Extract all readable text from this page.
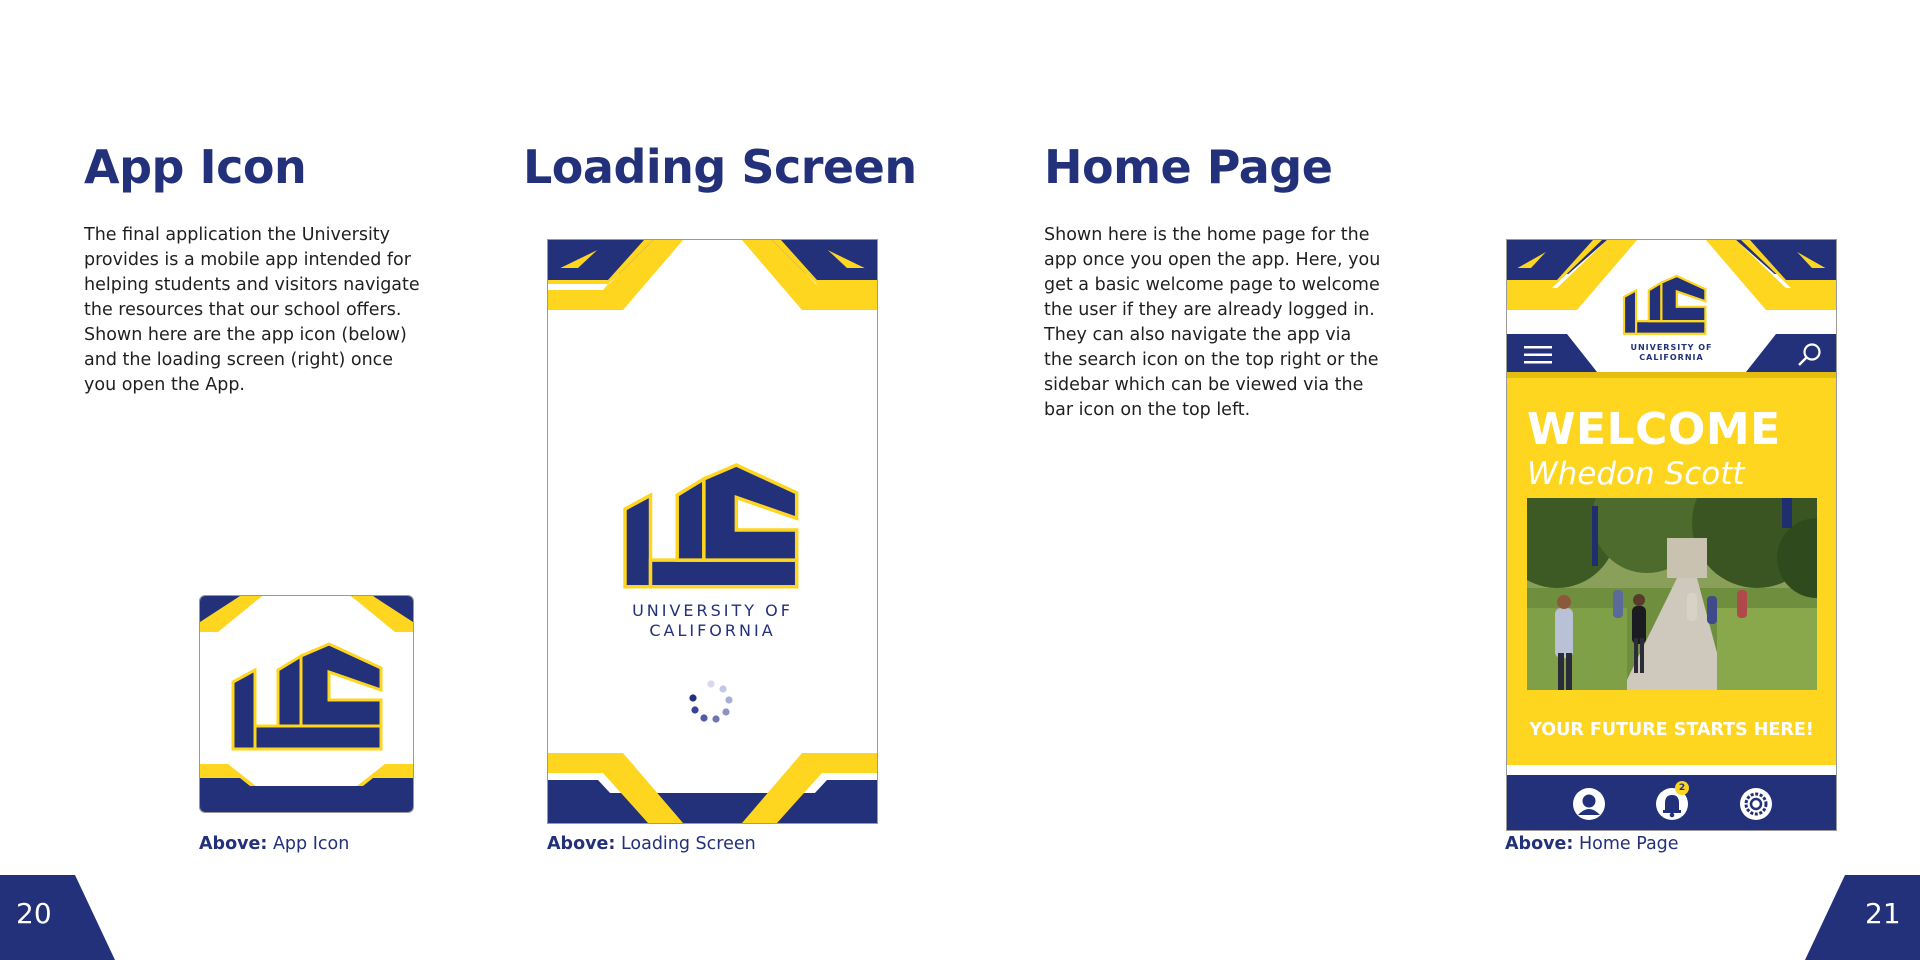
App Icon

The final application the University provides is a mobile app intended for helping students and visitors navigate the resources that our school offers. Shown here are the app icon (below) and the loading screen (right) once you open the App.

Above: App Icon

Loading Screen
UNIVERSITY OF
CALIFORNIA

Above: Loading Screen

Home Page

Shown here is the home page for the app once you open the app. Here, you get a basic welcome page to welcome the user if they are already logged in. They can also navigate the app via the search icon on the top right or the sidebar which can be viewed via the bar icon on the top left.

UNIVERSITY OF
CALIFORNIA
WELCOME

Whedon Scott

YOUR FUTURE STARTS HERE!

2

Above: Home Page

20	21
